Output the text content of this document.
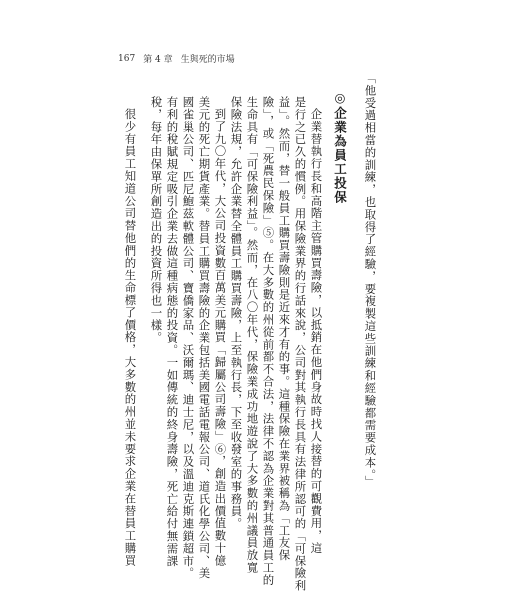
167 第 4 章 生與死的市場
「他受過相當的訓練，也取得了經驗，要複製這些訓練和經驗都需要成本。」
◎企業為員工投保
企業替執行長和高階主管購買壽險，以抵銷在他們身故時找人接替的可觀費用，這
是行之已久的慣例。用保險業界的行話來說，公司對其執行長具有法律所認可的「可保險利
益」。然而，替一般員工購買壽險則是近來才有的事。這種保險在業界被稱為「工友保
險」，或「死農民保險」⑤。在大多數的州從前都不合法，法律不認為企業對其普通員工的
生命具有「可保險利益」。然而，在八〇年代，保險業成功地遊說了大多數的州議員放寬
保險法規，允許企業替全體員工購買壽險，上至執行長，下至收發室的事務員。
到了九〇年代，大公司投資數百萬美元購買「歸屬公司壽險」⑥，創造出價值數十億
美元的死亡期貨產業。替員工購買壽險的企業包括美國電話電報公司、道氏化學公司、美
國雀巢公司、匹尼鮑茲軟體公司、寶僑家品、沃爾瑪、迪士尼，以及溫迪克斯連鎖超市。
有利的稅賦規定吸引企業去做這種病態的投資。一如傳統的終身壽險，死亡給付無需課
稅，每年由保單所創造出的投資所得也一樣。
很少有員工知道公司替他們的生命標了價格，大多數的州並未要求企業在替員工購買
